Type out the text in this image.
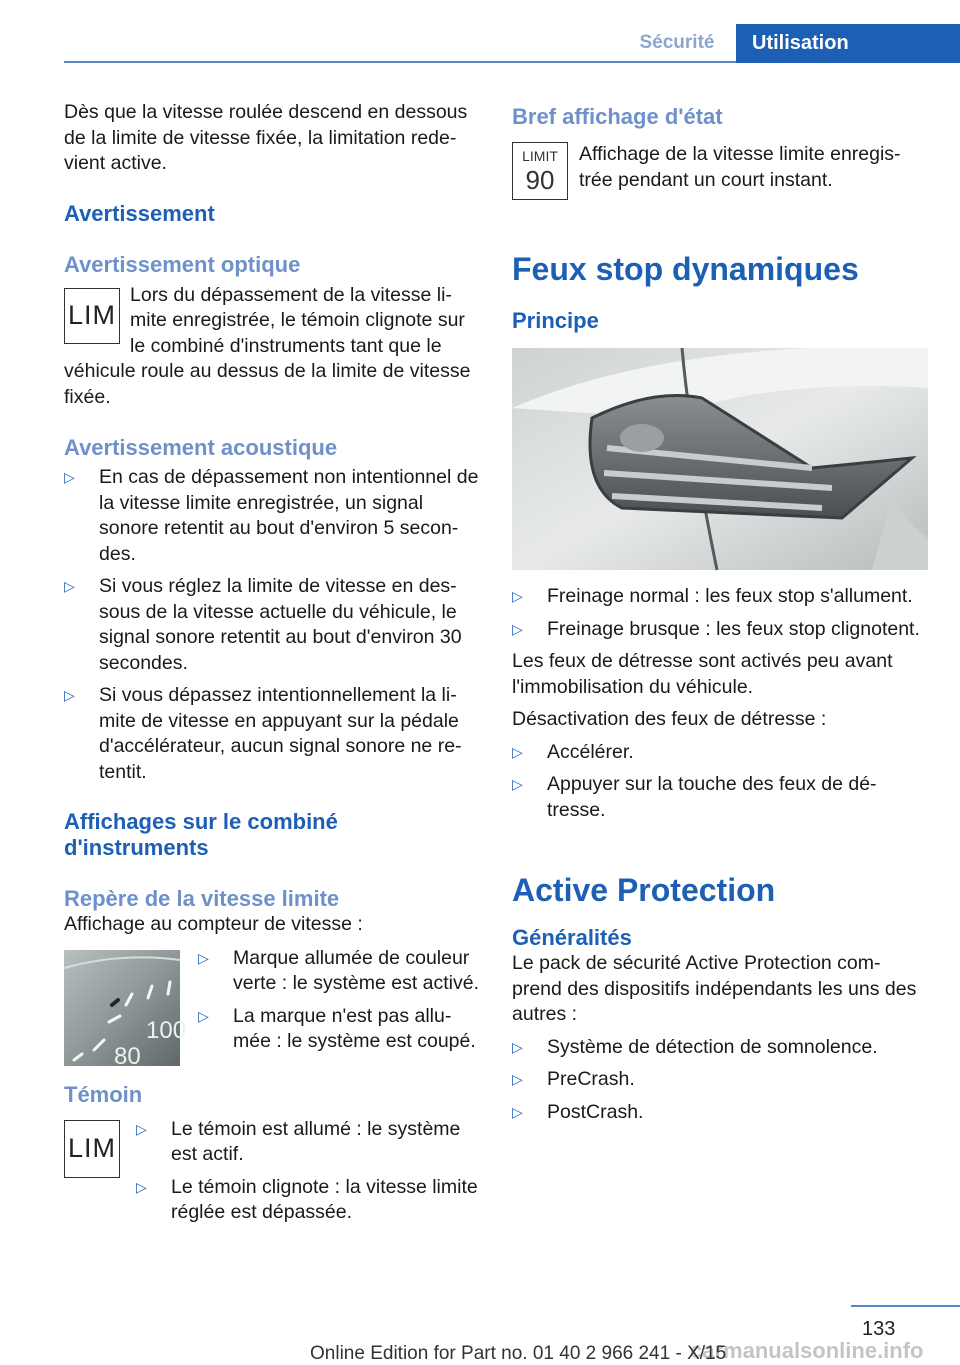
Sécurité	Utilisation

Dès que la vitesse roulée descend en dessous de la limite de vitesse fixée, la limitation rede-vient active.

Avertissement
Avertissement optique
LIM

Lors du dépassement de la vitesse li-mite enregistrée, le témoin clignote sur le combiné d'instruments tant que le véhicule roule au dessus de la limite de vitesse fixée.

Avertissement acoustique
▷ En cas de dépassement non intentionnel de la vitesse limite enregistrée, un signal sonore retentit au bout d'environ 5 secon-des.
▷ Si vous réglez la limite de vitesse en des-sous de la vitesse actuelle du véhicule, le signal sonore retentit au bout d'environ 30 secondes.
▷ Si vous dépassez intentionnellement la li-mite de vitesse en appuyant sur la pédale d'accélérateur, aucun signal sonore ne re-tentit.
Affichages sur le combiné d'instruments
Repère de la vitesse limite

Affichage au compteur de vitesse :

100
80
▷ Marque allumée de couleur verte : le système est activé.
▷ La marque n'est pas allu-mée : le système est coupé.
Témoin
LIM
▷ Le témoin est allumé : le système est actif.
▷ Le témoin clignote : la vitesse limite réglée est dépassée.
Bref affichage d'état
LIMIT
90

Affichage de la vitesse limite enregis-trée pendant un court instant.

Feux stop dynamiques
Principe
▷ Freinage normal : les feux stop s'allument.
▷ Freinage brusque : les feux stop clignotent.

Les feux de détresse sont activés peu avant l'immobilisation du véhicule.

Désactivation des feux de détresse :

▷ Accélérer.
▷ Appuyer sur la touche des feux de dé-tresse.
Active Protection
Généralités

Le pack de sécurité Active Protection com-prend des dispositifs indépendants les uns des autres :

▷ Système de détection de somnolence.
▷ PreCrash.
▷ PostCrash.
133
carmanualsonline.info
Online Edition for Part no. 01 40 2 966 241 - X/15
